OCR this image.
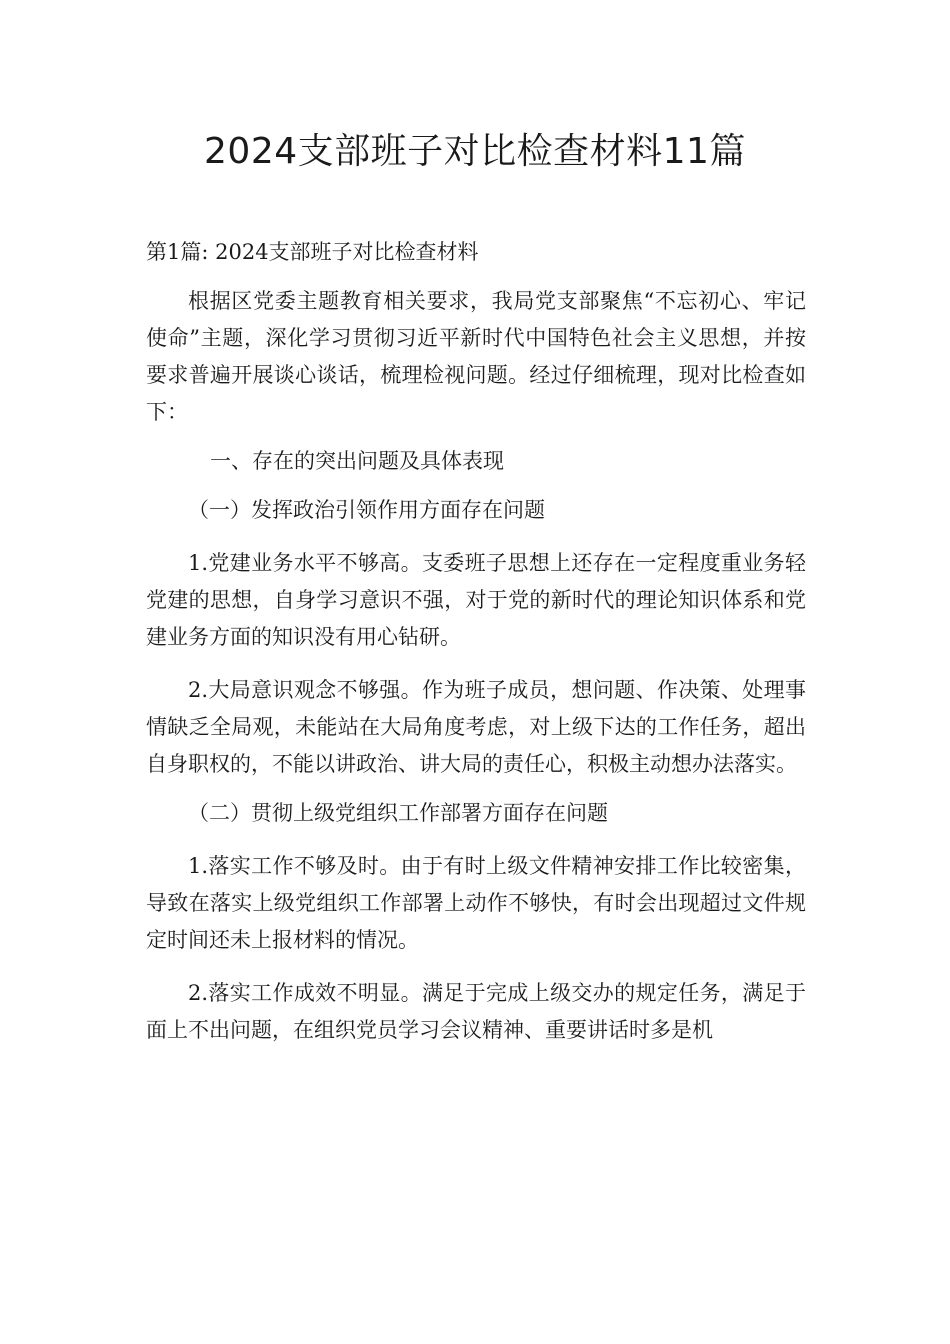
2024支部班子对比检查材料11篇

第1篇: 2024支部班子对比检查材料

根据区党委主题教育相关要求，我局党支部聚焦“不忘初心、牢记使命”主题，深化学习贯彻习近平新时代中国特色社会主义思想，并按要求普遍开展谈心谈话，梳理检视问题。经过仔细梳理，现对比检查如下：

一、存在的突出问题及具体表现

（一）发挥政治引领作用方面存在问题

1.党建业务水平不够高。支委班子思想上还存在一定程度重业务轻党建的思想，自身学习意识不强，对于党的新时代的理论知识体系和党建业务方面的知识没有用心钻研。

2.大局意识观念不够强。作为班子成员，想问题、作决策、处理事情缺乏全局观，未能站在大局角度考虑，对上级下达的工作任务，超出自身职权的，不能以讲政治、讲大局的责任心，积极主动想办法落实。

（二）贯彻上级党组织工作部署方面存在问题

1.落实工作不够及时。由于有时上级文件精神安排工作比较密集，导致在落实上级党组织工作部署上动作不够快，有时会出现超过文件规定时间还未上报材料的情况。

2.落实工作成效不明显。满足于完成上级交办的规定任务，满足于面上不出问题，在组织党员学习会议精神、重要讲话时多是机
